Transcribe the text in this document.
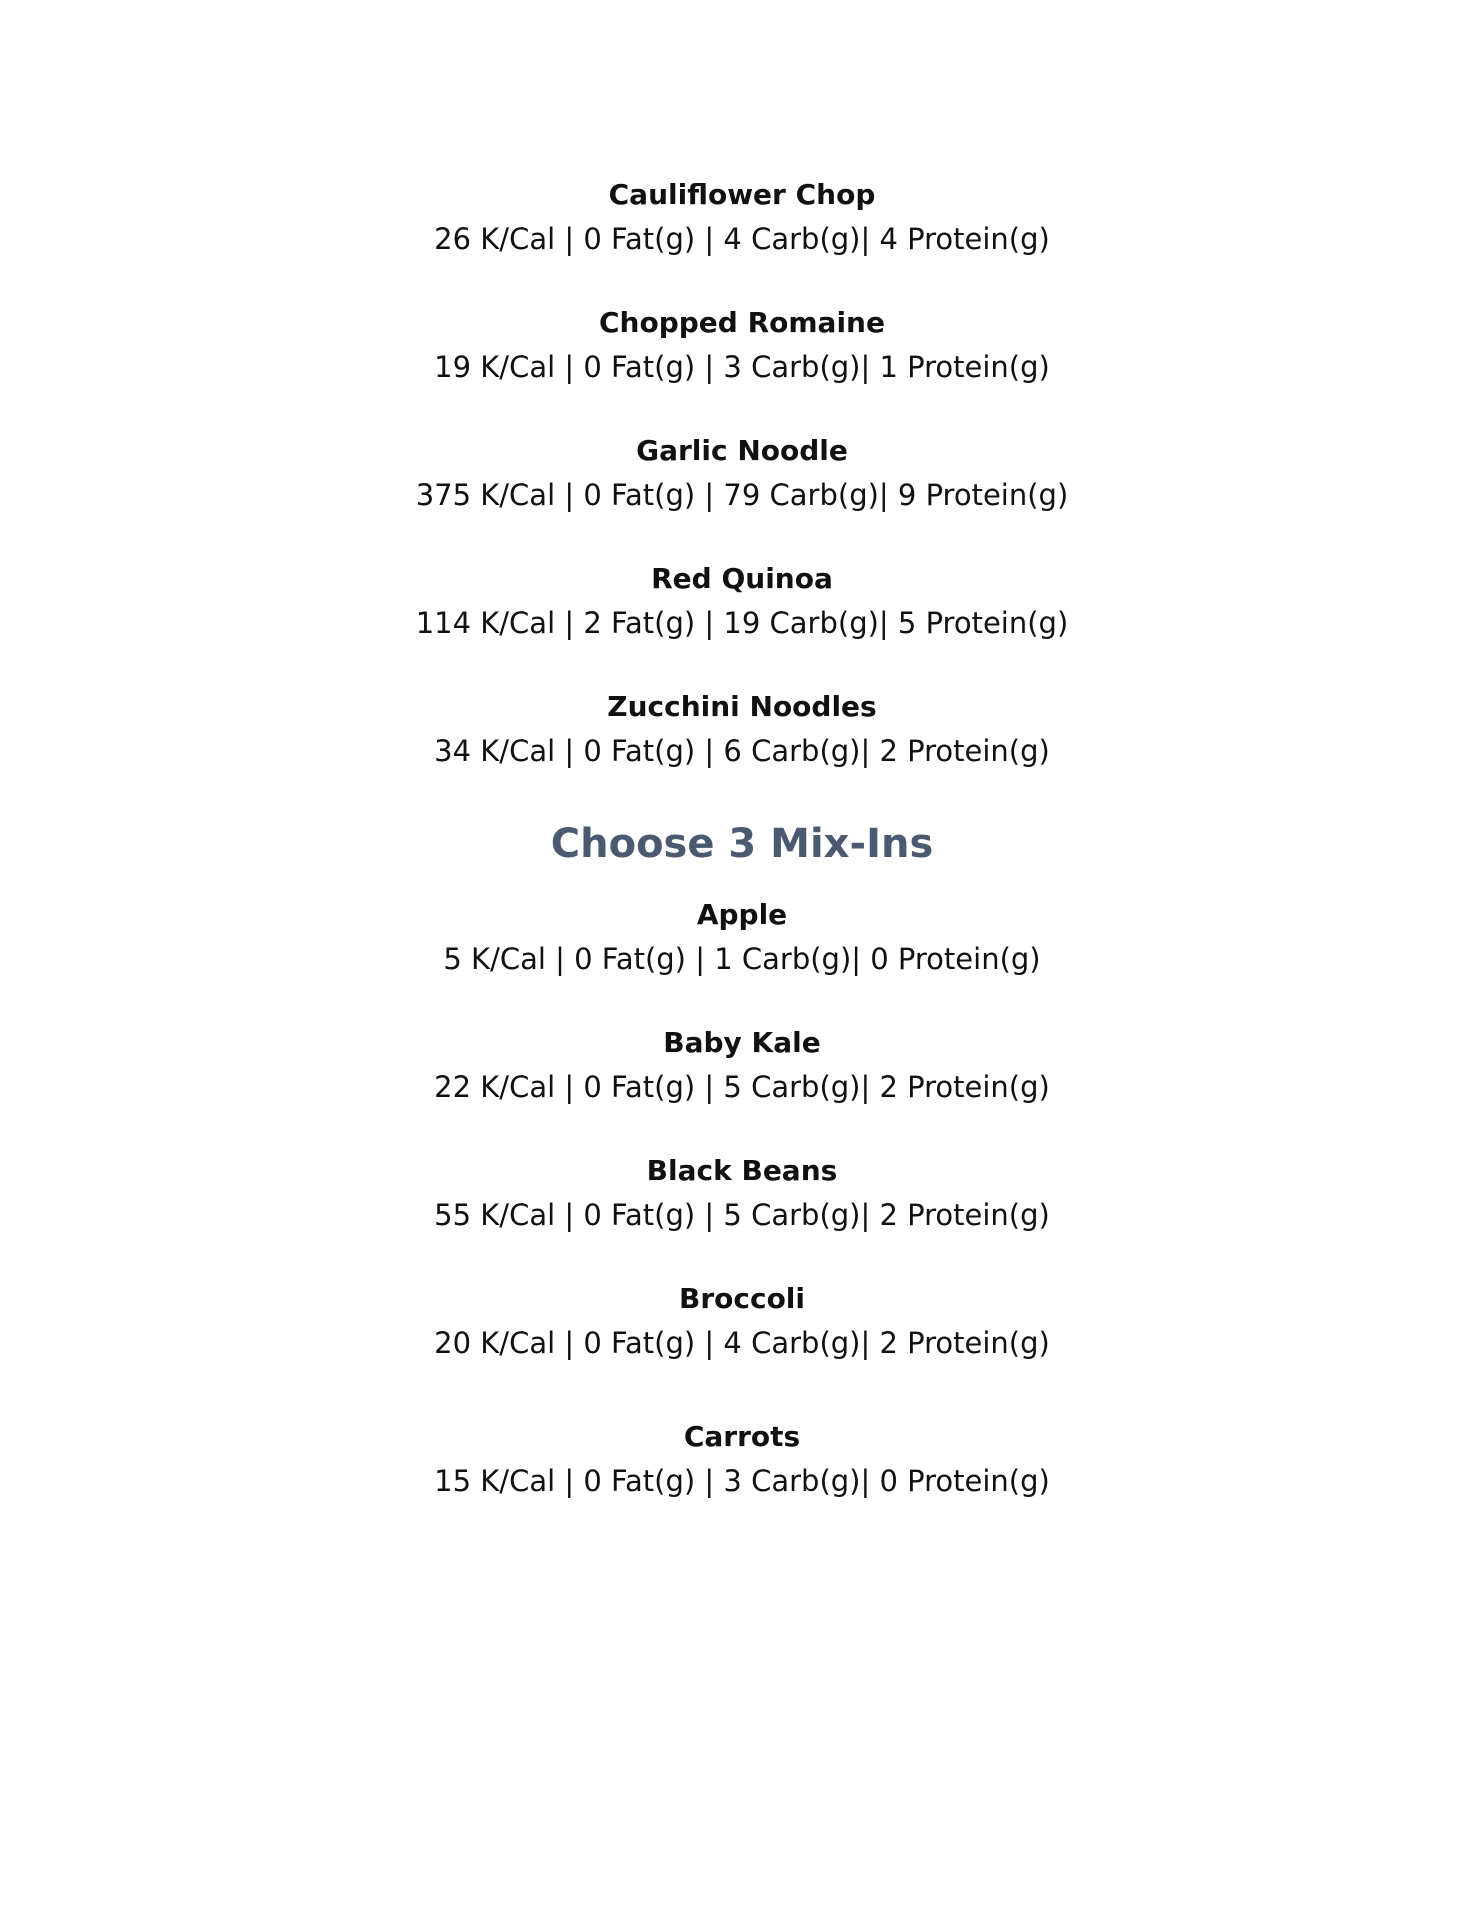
Cauliflower Chop

26 K/Cal | 0 Fat(g) | 4 Carb(g)| 4 Protein(g)

Chopped Romaine

19 K/Cal | 0 Fat(g) | 3 Carb(g)| 1 Protein(g)

Garlic Noodle

375 K/Cal | 0 Fat(g) | 79 Carb(g)| 9 Protein(g)

Red Quinoa

114 K/Cal | 2 Fat(g) | 19 Carb(g)| 5 Protein(g)

Zucchini Noodles

34 K/Cal | 0 Fat(g) | 6 Carb(g)| 2 Protein(g)

Choose 3 Mix-Ins

Apple

5 K/Cal | 0 Fat(g) | 1 Carb(g)| 0 Protein(g)

Baby Kale

22 K/Cal | 0 Fat(g) | 5 Carb(g)| 2 Protein(g)

Black Beans

55 K/Cal | 0 Fat(g) | 5 Carb(g)| 2 Protein(g)

Broccoli

20 K/Cal | 0 Fat(g) | 4 Carb(g)| 2 Protein(g)

Carrots

15 K/Cal | 0 Fat(g) | 3 Carb(g)| 0 Protein(g)
